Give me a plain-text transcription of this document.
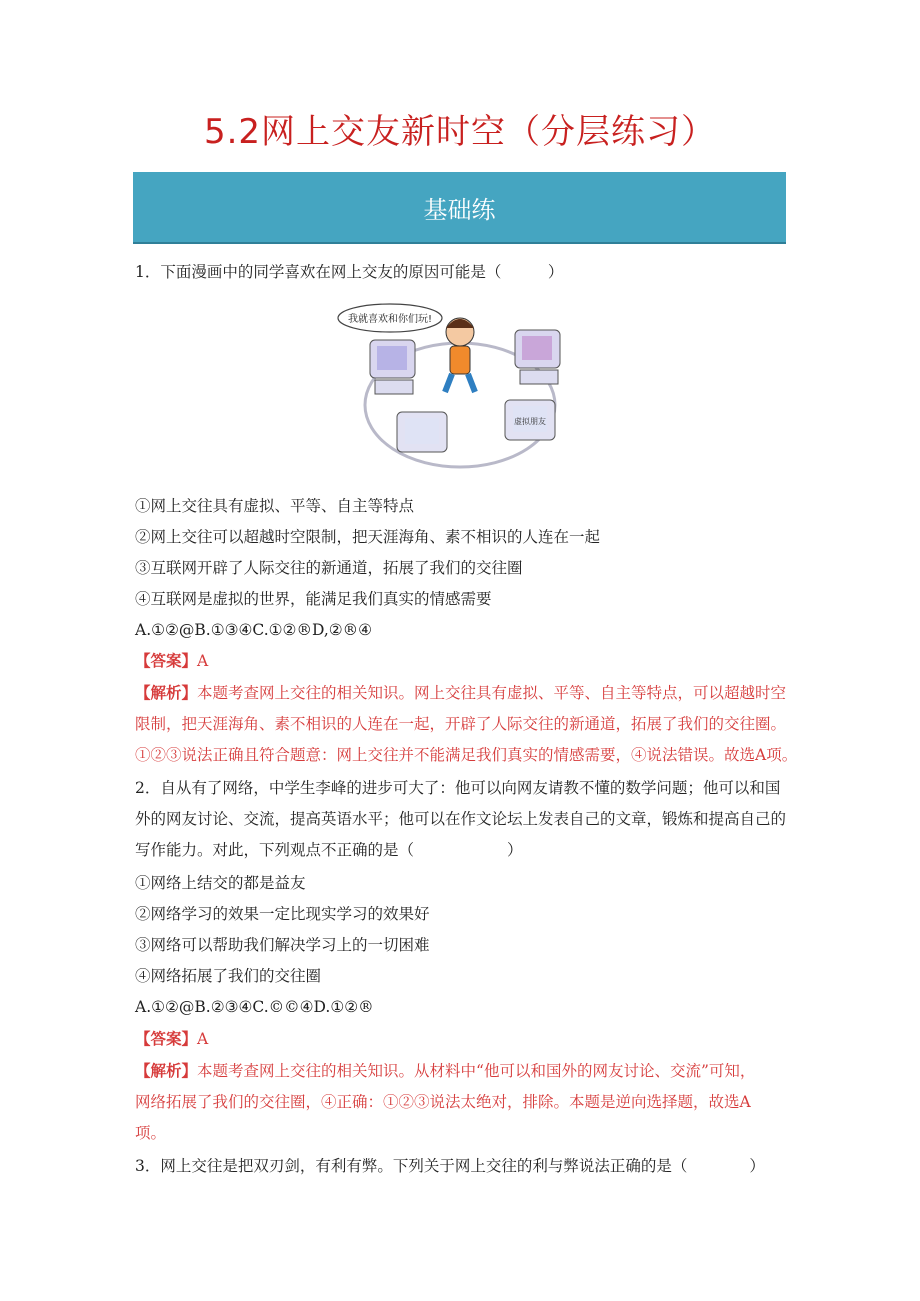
5.2网上交友新时空（分层练习）
基础练
1．下面漫画中的同学喜欢在网上交友的原因可能是（　　　）
我就喜欢和你们玩!
虚拟朋友
①网上交往具有虚拟、平等、自主等特点
②网上交往可以超越时空限制，把天涯海角、素不相识的人连在一起
③互联网开辟了人际交往的新通道，拓展了我们的交往圈
④互联网是虚拟的世界，能满足我们真实的情感需要
A.①②@B.①③④C.①②®D,②®④
【答案】A
【解析】本题考查网上交往的相关知识。网上交往具有虚拟、平等、自主等特点，可以超越时空
限制，把天涯海角、素不相识的人连在一起，开辟了人际交往的新通道，拓展了我们的交往圈。
①②③说法正确且符合题意：网上交往并不能满足我们真实的情感需要，④说法错误。故选A项。
2．自从有了网络，中学生李峰的进步可大了：他可以向网友请教不懂的数学问题；他可以和国
外的网友讨论、交流，提高英语水平；他可以在作文论坛上发表自己的文章，锻炼和提高自己的
写作能力。对此，下列观点不正确的是（　　　　　　）
①网络上结交的都是益友
②网络学习的效果一定比现实学习的效果好
③网络可以帮助我们解决学习上的一切困难
④网络拓展了我们的交往圈
A.①②@B.②③④C.©©④D.①②®
【答案】A
【解析】本题考查网上交往的相关知识。从材料中“他可以和国外的网友讨论、交流”可知，
网络拓展了我们的交往圈，④正确：①②③说法太绝对，排除。本题是逆向选择题，故选A
项。
3．网上交往是把双刃剑，有利有弊。下列关于网上交往的利与弊说法正确的是（　　　　）
